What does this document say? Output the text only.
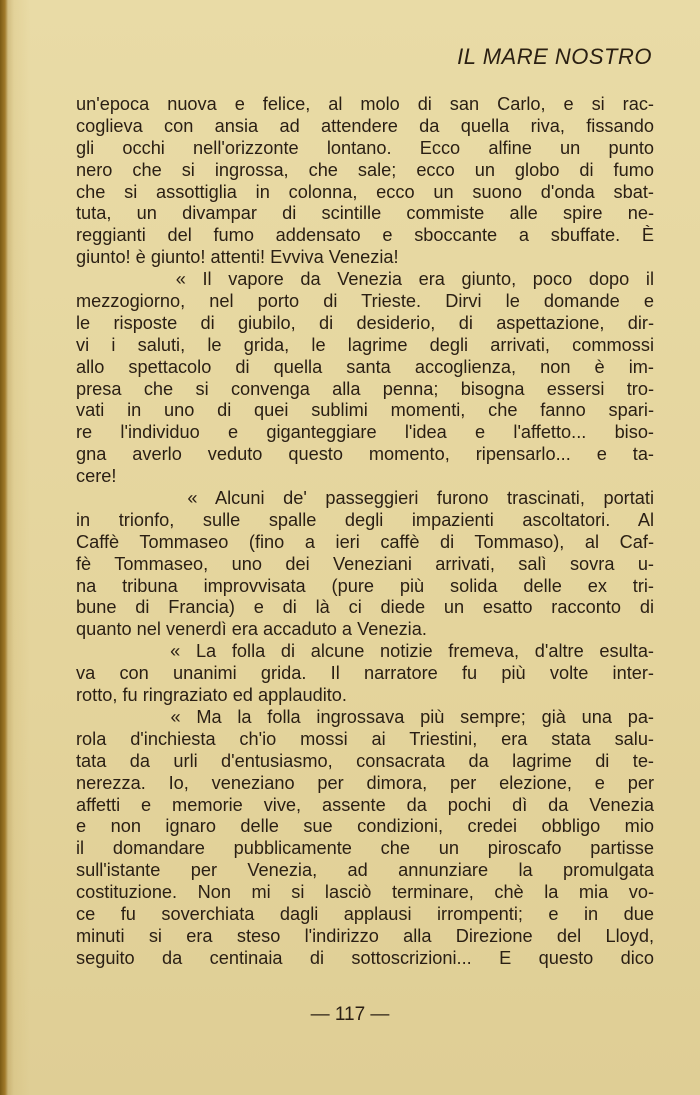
IL MARE NOSTRO
un'epoca nuova e felice, al molo di san Carlo, e si rac-
coglieva con ansia ad attendere da quella riva, fissando
gli occhi nell'orizzonte lontano. Ecco alfine un punto
nero che si ingrossa, che sale; ecco un globo di fumo
che si assottiglia in colonna, ecco un suono d'onda sbat-
tuta, un divampar di scintille commiste alle spire ne-
reggianti del fumo addensato e sboccante a sbuffate. È
giunto! è giunto! attenti! Evviva Venezia!
« Il vapore da Venezia era giunto, poco dopo il
mezzogiorno, nel porto di Trieste. Dirvi le domande e
le risposte di giubilo, di desiderio, di aspettazione, dir-
vi i saluti, le grida, le lagrime degli arrivati, commossi
allo spettacolo di quella santa accoglienza, non è im-
presa che si convenga alla penna; bisogna essersi tro-
vati in uno di quei sublimi momenti, che fanno spari-
re l'individuo e giganteggiare l'idea e l'affetto... biso-
gna averlo veduto questo momento, ripensarlo... e ta-
cere!
« Alcuni de' passeggieri furono trascinati, portati
in trionfo, sulle spalle degli impazienti ascoltatori. Al
Caffè Tommaseo (fino a ieri caffè di Tommaso), al Caf-
fè Tommaseo, uno dei Veneziani arrivati, salì sovra u-
na tribuna improvvisata (pure più solida delle ex tri-
bune di Francia) e di là ci diede un esatto racconto di
quanto nel venerdì era accaduto a Venezia.
« La folla di alcune notizie fremeva, d'altre esulta-
va con unanimi grida. Il narratore fu più volte inter-
rotto, fu ringraziato ed applaudito.
« Ma la folla ingrossava più sempre; già una pa-
rola d'inchiesta ch'io mossi ai Triestini, era stata salu-
tata da urli d'entusiasmo, consacrata da lagrime di te-
nerezza. Io, veneziano per dimora, per elezione, e per
affetti e memorie vive, assente da pochi dì da Venezia
e non ignaro delle sue condizioni, credei obbligo mio
il domandare pubblicamente che un piroscafo partisse
sull'istante per Venezia, ad annunziare la promulgata
costituzione. Non mi si lasciò terminare, chè la mia vo-
ce fu soverchiata dagli applausi irrompenti; e in due
minuti si era steso l'indirizzo alla Direzione del Lloyd,
seguito da centinaia di sottoscrizioni... E questo dico
— 117 —
